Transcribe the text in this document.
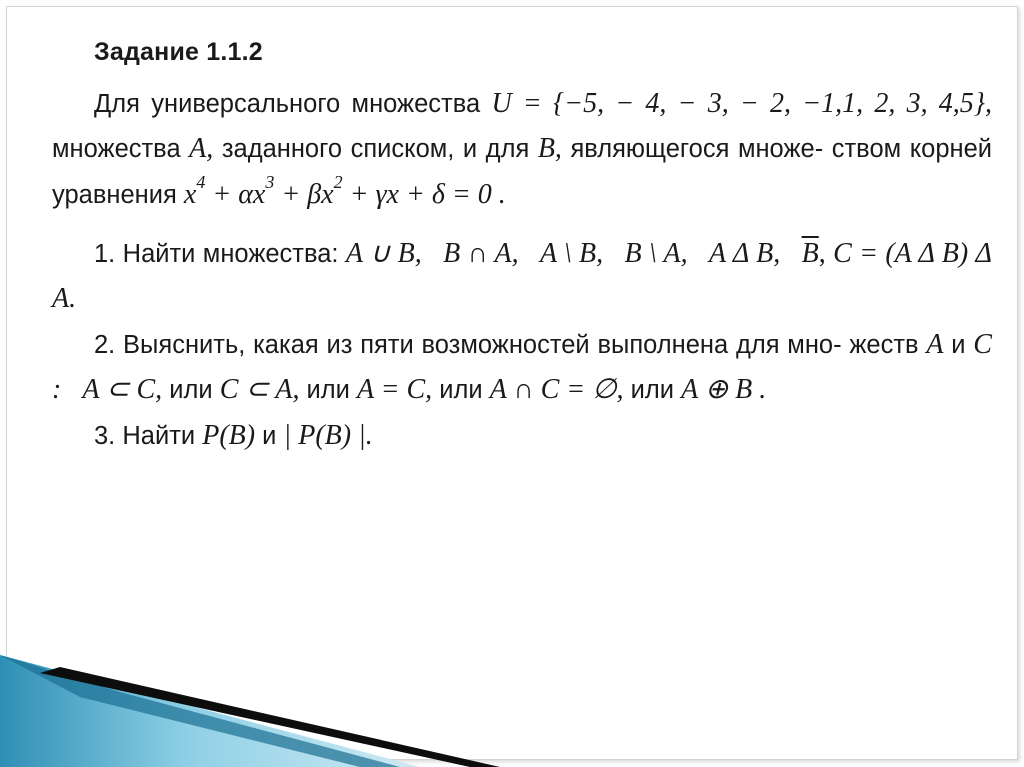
Задание 1.1.2

Для универсального множества U = {−5, − 4, − 3, − 2, −1,1, 2, 3, 4,5}, множества A, заданного списком, и для B, являющегося множе- ством корней уравнения $x^4 + \alpha x^3 + \beta x^2 + \gamma x + \delta = 0$ .

1. Найти множества: A ∪ B, B ∩ A, A \ B, B \ A, A Δ B, $\overline{B}$, C = (A Δ B) Δ A.

2. Выяснить, какая из пяти возможностей выполнена для мно- жеств A и C : A ⊂ C, или C ⊂ A, или A = C, или A ∩ C = ∅, или A ⊕ B .

3. Найти P(B) и | P(B) |.
